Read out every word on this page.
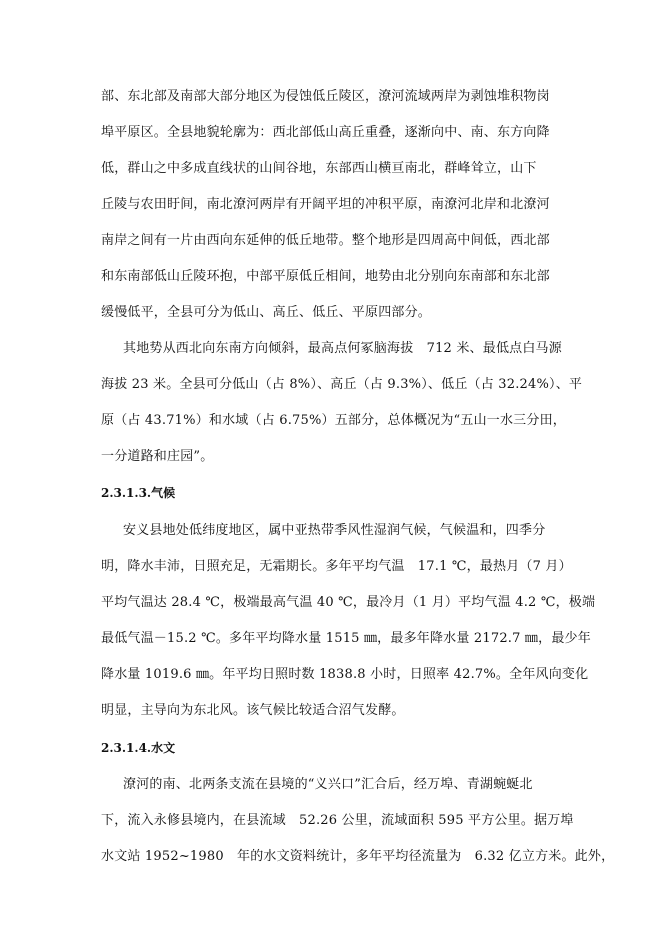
部、东北部及南部大部分地区为侵蚀低丘陵区，潦河流域两岸为剥蚀堆积物岗
埠平原区。全县地貌轮廓为：西北部低山高丘重叠，逐渐向中、南、东方向降
低，群山之中多成直线状的山间谷地，东部西山横亘南北，群峰耸立，山下
丘陵与农田盱间，南北潦河两岸有开阔平坦的冲积平原，南潦河北岸和北潦河
南岸之间有一片由西向东延伸的低丘地带。整个地形是四周高中间低，西北部
和东南部低山丘陵环抱，中部平原低丘相间，地势由北分别向东南部和东北部
缓慢低平，全县可分为低山、高丘、低丘、平原四部分。
其地势从西北向东南方向倾斜，最高点何冢脑海拔　712 米、最低点白马源
海拔 23 米。全县可分低山（占 8%）、高丘（占 9.3%）、低丘（占 32.24%）、平
原（占 43.71%）和水域（占 6.75%）五部分，总体概况为“五山一水三分田，
一分道路和庄园”。
2.3.1.3.气候
安义县地处低纬度地区，属中亚热带季风性湿润气候，气候温和，四季分
明，降水丰沛，日照充足，无霜期长。多年平均气温　17.1 ℃，最热月（7 月）
平均气温达 28.4 ℃，极端最高气温 40 ℃，最冷月（1 月）平均气温 4.2 ℃，极端
最低气温－15.2 ℃。多年平均降水量 1515 ㎜，最多年降水量 2172.7 ㎜，最少年
降水量 1019.6 ㎜。年平均日照时数 1838.8 小时，日照率 42.7%。全年风向变化
明显，主导向为东北风。该气候比较适合沼气发酵。
2.3.1.4.水文
潦河的南、北两条支流在县境的“义兴口”汇合后，经万埠、青湖蜿蜒北
下，流入永修县境内，在县流域　52.26 公里，流域面积 595 平方公里。据万埠
水文站 1952~1980　年的水文资料统计，多年平均径流量为　6.32 亿立方米。此外，
